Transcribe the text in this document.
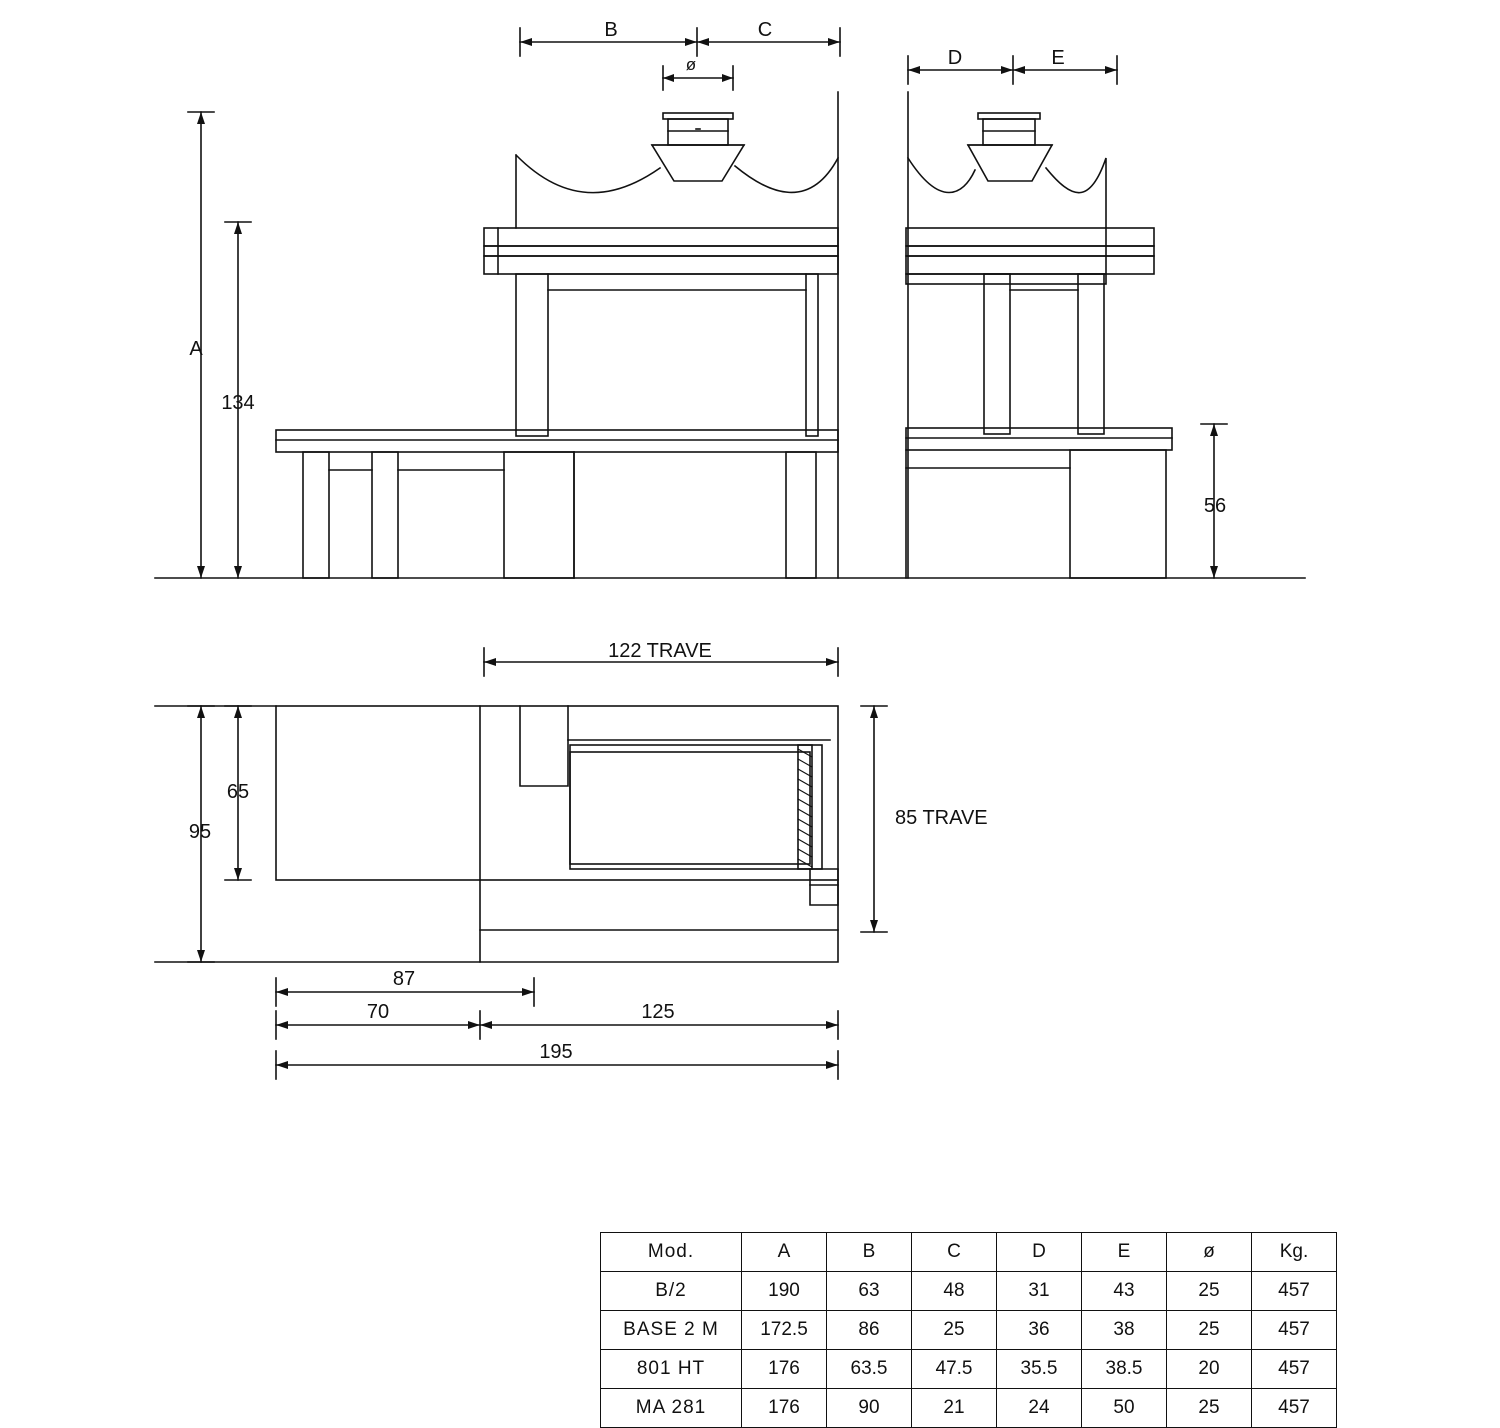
B	C
ø
A
134
D	E
56
122 TRAVE
85 TRAVE
65
95
87
70	125
195
Mod.	A	B	C	D	E	ø	Kg.
B/2	190	63	48	31	43	25	457
BASE 2 M	172.5	86	25	36	38	25	457
801 HT	176	63.5	47.5	35.5	38.5	20	457
MA 281	176	90	21	24	50	25	457
